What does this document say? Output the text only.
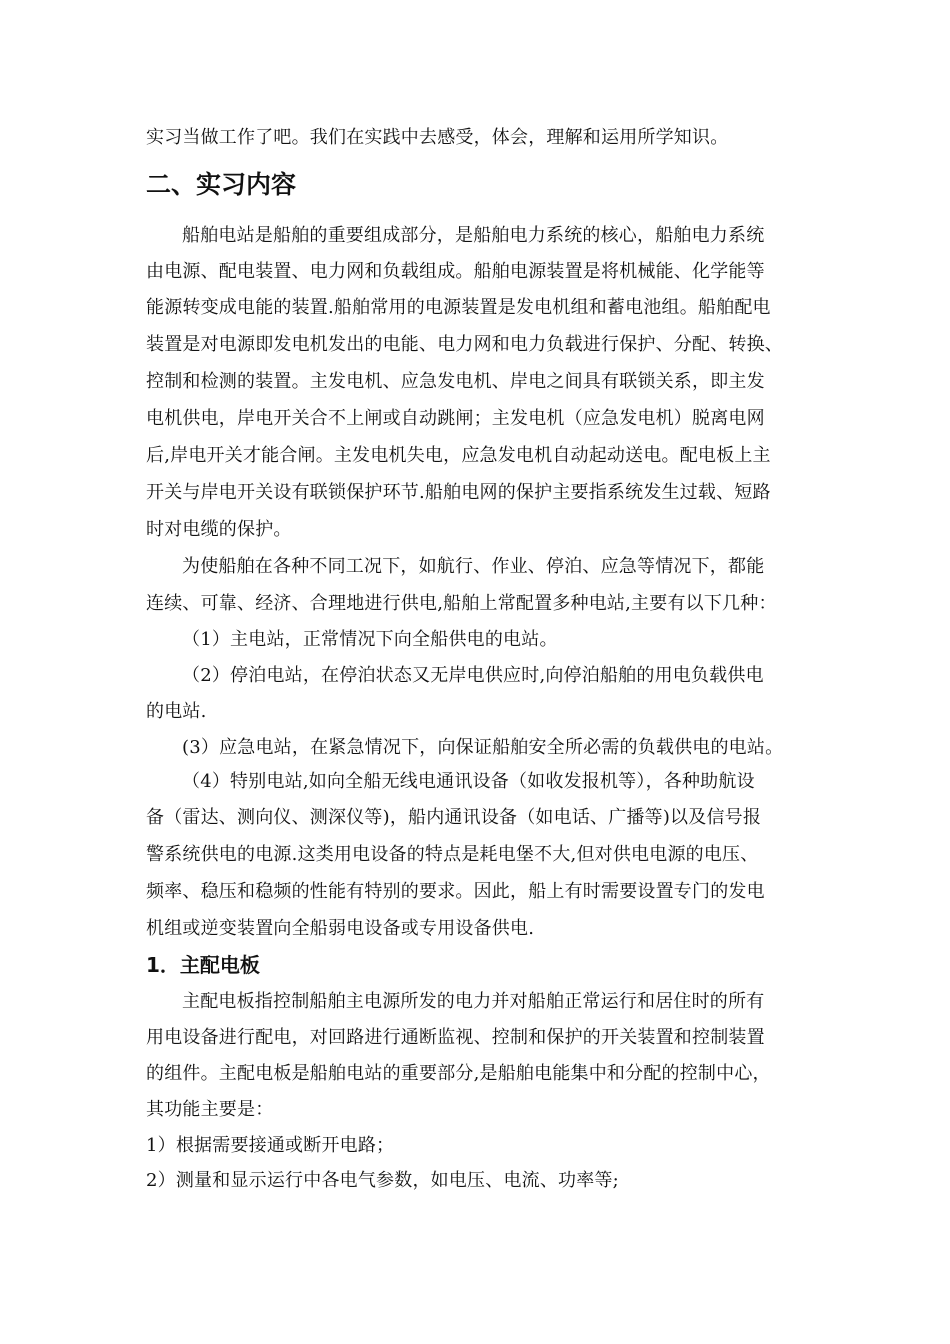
实习当做工作了吧。我们在实践中去感受，体会，理解和运用所学知识。
二、实习内容
船舶电站是船舶的重要组成部分，是船舶电力系统的核心，船舶电力系统
由电源、配电装置、电力网和负载组成。船舶电源装置是将机械能、化学能等
能源转变成电能的装置.船舶常用的电源装置是发电机组和蓄电池组。船舶配电
装置是对电源即发电机发出的电能、电力网和电力负载进行保护、分配、转换、
控制和检测的装置。主发电机、应急发电机、岸电之间具有联锁关系，即主发
电机供电，岸电开关合不上闸或自动跳闸；主发电机（应急发电机）脱离电网
后,岸电开关才能合闸。主发电机失电，应急发电机自动起动送电。配电板上主
开关与岸电开关设有联锁保护环节.船舶电网的保护主要指系统发生过载、短路
时对电缆的保护。
为使船舶在各种不同工况下，如航行、作业、停泊、应急等情况下，都能
连续、可靠、经济、合理地进行供电,船舶上常配置多种电站,主要有以下几种：
（1）主电站，正常情况下向全船供电的电站。
（2）停泊电站，在停泊状态又无岸电供应时,向停泊船舶的用电负载供电
的电站.
(3）应急电站，在紧急情况下，向保证船舶安全所必需的负载供电的电站。
（4）特别电站,如向全船无线电通讯设备（如收发报机等），各种助航设
备（雷达、测向仪、测深仪等)，船内通讯设备（如电话、广播等)以及信号报
警系统供电的电源.这类用电设备的特点是耗电堡不大,但对供电电源的电压、
频率、稳压和稳频的性能有特别的要求。因此，船上有时需要设置专门的发电
机组或逆变装置向全船弱电设备或专用设备供电.
1．主配电板
主配电板指控制船舶主电源所发的电力并对船舶正常运行和居住时的所有
用电设备进行配电，对回路进行通断监视、控制和保护的开关装置和控制装置
的组件。主配电板是船舶电站的重要部分,是船舶电能集中和分配的控制中心，
其功能主要是：
1）根据需要接通或断开电路；
2）测量和显示运行中各电气参数，如电压、电流、功率等;
